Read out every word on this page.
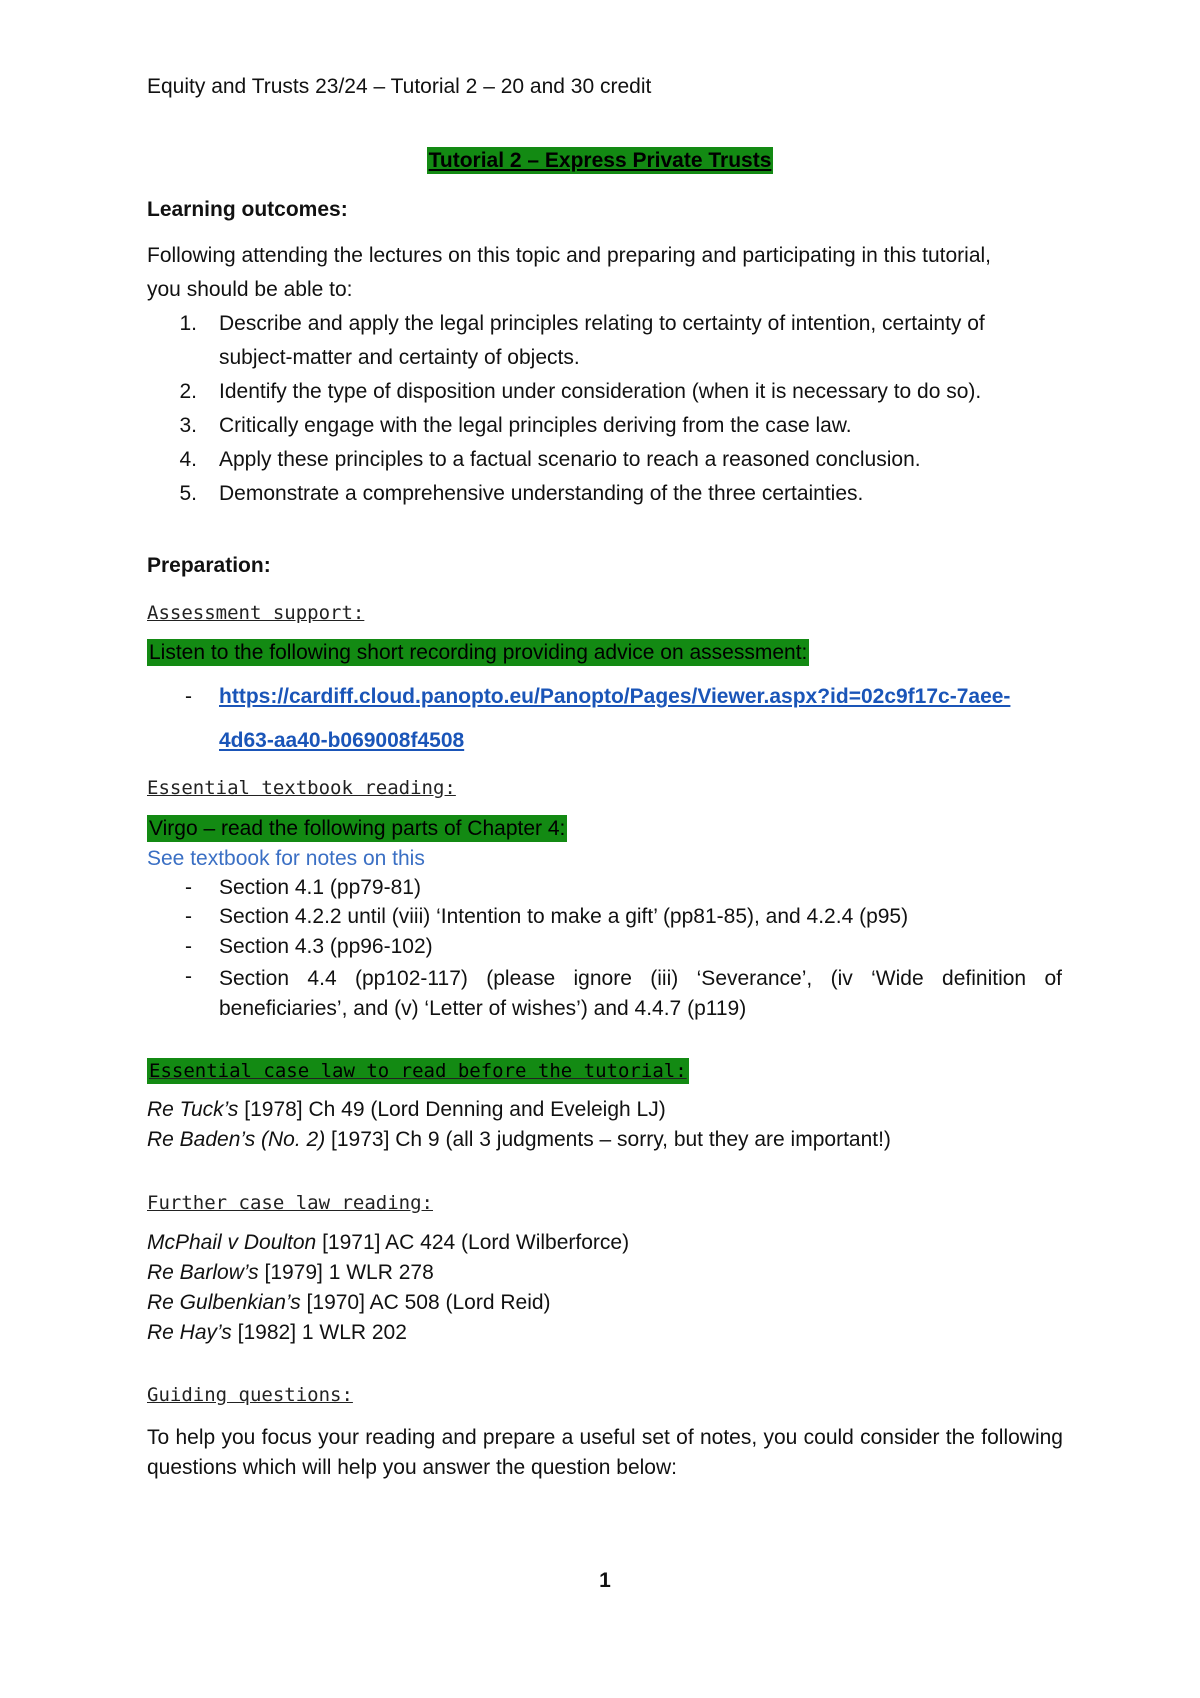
Equity and Trusts 23/24 – Tutorial 2 – 20 and 30 credit
Tutorial 2 – Express Private Trusts
Learning outcomes:
Following attending the lectures on this topic and preparing and participating in this tutorial,
you should be able to:
1. Describe and apply the legal principles relating to certainty of intention, certainty of
subject-matter and certainty of objects.
2. Identify the type of disposition under consideration (when it is necessary to do so).
3. Critically engage with the legal principles deriving from the case law.
4. Apply these principles to a factual scenario to reach a reasoned conclusion.
5. Demonstrate a comprehensive understanding of the three certainties.
Preparation:
Assessment support:
Listen to the following short recording providing advice on assessment:
- https://cardiff.cloud.panopto.eu/Panopto/Pages/Viewer.aspx?id=02c9f17c-7aee-
4d63-aa40-b069008f4508
Essential textbook reading:
Virgo – read the following parts of Chapter 4:
See textbook for notes on this
- Section 4.1 (pp79-81)
- Section 4.2.2 until (viii) ‘Intention to make a gift’ (pp81-85), and 4.2.4 (p95)
- Section 4.3 (pp96-102)
- Section 4.4 (pp102-117) (please ignore (iii) ‘Severance’, (iv ‘Wide definition of beneficiaries’, and (v) ‘Letter of wishes’) and 4.4.7 (p119)
Essential case law to read before the tutorial:
Re Tuck’s [1978] Ch 49 (Lord Denning and Eveleigh LJ)
Re Baden’s (No. 2) [1973] Ch 9 (all 3 judgments – sorry, but they are important!)
Further case law reading:
McPhail v Doulton [1971] AC 424 (Lord Wilberforce)
Re Barlow’s [1979] 1 WLR 278
Re Gulbenkian’s [1970] AC 508 (Lord Reid)
Re Hay’s [1982] 1 WLR 202
Guiding questions:
To help you focus your reading and prepare a useful set of notes, you could consider the following questions which will help you answer the question below:
1
